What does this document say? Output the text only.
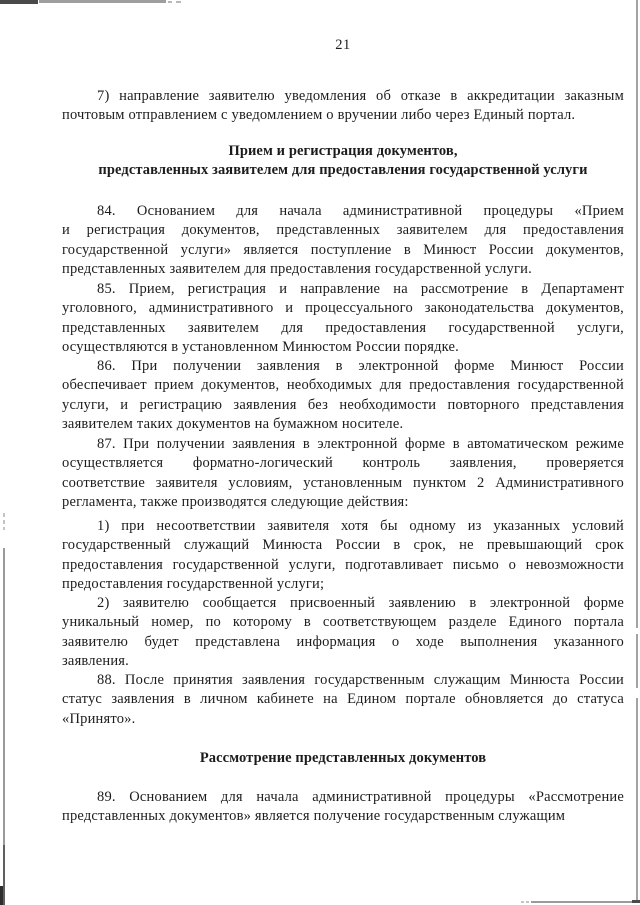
21
7) направление заявителю уведомления об отказе в аккредитации заказным
почтовым отправлением с уведомлением о вручении либо через Единый портал.
Прием и регистрация документов,
представленных заявителем для предоставления государственной услуги
84. Основанием для начала административной процедуры «Прием
и регистрация документов, представленных заявителем для предоставления
государственной услуги» является поступление в Минюст России документов,
представленных заявителем для предоставления государственной услуги.
85. Прием, регистрация и направление на рассмотрение в Департамент
уголовного, административного и процессуального законодательства документов,
представленных заявителем для предоставления государственной услуги,
осуществляются в установленном Минюстом России порядке.
86. При получении заявления в электронной форме Минюст России
обеспечивает прием документов, необходимых для предоставления государственной
услуги, и регистрацию заявления без необходимости повторного представления
заявителем таких документов на бумажном носителе.
87. При получении заявления в электронной форме в автоматическом режиме
осуществляется форматно-логический контроль заявления, проверяется
соответствие заявителя условиям, установленным пунктом 2 Административного
регламента, также производятся следующие действия:
1) при несоответствии заявителя хотя бы одному из указанных условий
государственный служащий Минюста России в срок, не превышающий срок
предоставления государственной услуги, подготавливает письмо о невозможности
предоставления государственной услуги;
2) заявителю сообщается присвоенный заявлению в электронной форме
уникальный номер, по которому в соответствующем разделе Единого портала
заявителю будет представлена информация о ходе выполнения указанного
заявления.
88. После принятия заявления государственным служащим Минюста России
статус заявления в личном кабинете на Едином портале обновляется до статуса
«Принято».
Рассмотрение представленных документов
89. Основанием для начала административной процедуры «Рассмотрение
представленных документов» является получение государственным служащим
